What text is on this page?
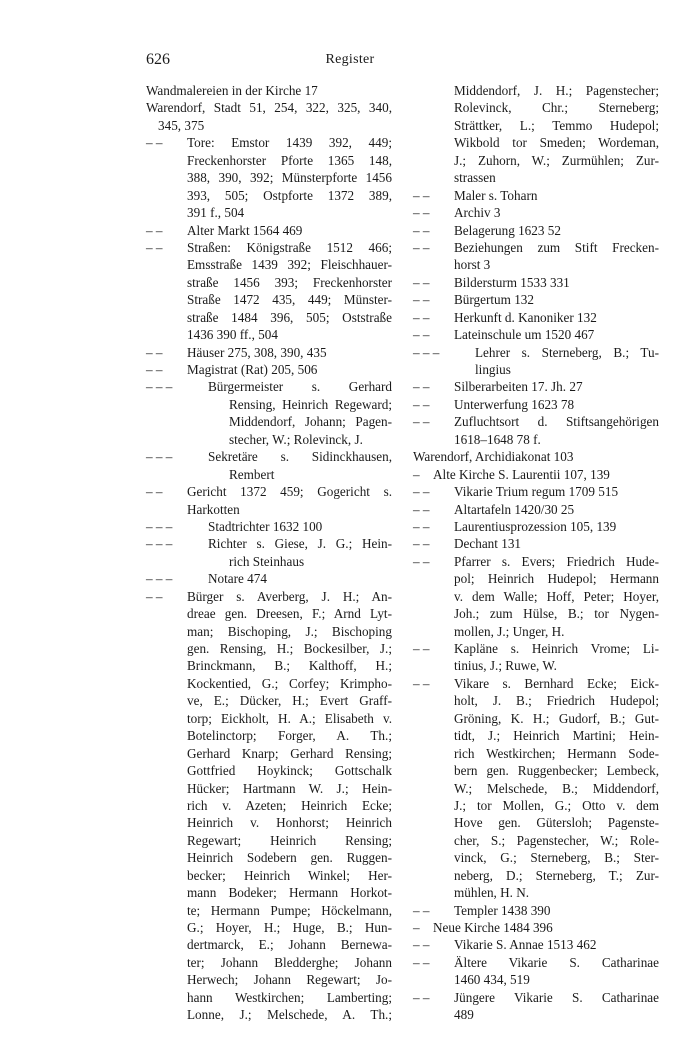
626	Register
Wandmalereien in der Kirche 17
Warendorf, Stadt 51, 254, 322, 325, 340,
345, 375
– – Tore: Emstor 1439 392, 449;
Freckenhorster Pforte 1365 148,
388, 390, 392; Münsterpforte 1456
393, 505; Ostpforte 1372 389,
391 f., 504
– – Alter Markt 1564 469
– – Straßen: Königstraße 1512 466;
Emsstraße 1439 392; Fleischhauer-
straße 1456 393; Freckenhorster
Straße 1472 435, 449; Münster-
straße 1484 396, 505; Oststraße
1436 390 ff., 504
– – Häuser 275, 308, 390, 435
– – Magistrat (Rat) 205, 506
– – –	Bürgermeister s. Gerhard
Rensing, Heinrich Regeward;
Middendorf, Johann; Pagen-
stecher, W.; Rolevinck, J.
– – –	Sekretäre s. Sidinckhausen,
Rembert
– – Gericht 1372 459; Gogericht s.
Harkotten
– – –	Stadtrichter 1632 100
– – –	Richter s. Giese, J. G.; Hein-
rich Steinhaus
– – –	Notare 474
– – Bürger s. Averberg, J. H.; An-
dreae gen. Dreesen, F.; Arnd Lyt-
man; Bischoping, J.; Bischoping
gen. Rensing, H.; Bockesilber, J.;
Brinckmann, B.; Kalthoff, H.;
Kockentied, G.; Corfey; Krimpho-
ve, E.; Dücker, H.; Evert Graff-
torp; Eickholt, H. A.; Elisabeth v.
Botelinctorp; Forger, A. Th.;
Gerhard Knarp; Gerhard Rensing;
Gottfried Hoykinck; Gottschalk
Hücker; Hartmann W. J.; Hein-
rich v. Azeten; Heinrich Ecke;
Heinrich v. Honhorst; Heinrich
Regewart; Heinrich Rensing;
Heinrich Sodebern gen. Ruggen-
becker; Heinrich Winkel; Her-
mann Bodeker; Hermann Horkot-
te; Hermann Pumpe; Höckelmann,
G.; Hoyer, H.; Huge, B.; Hun-
dertmarck, E.; Johann Bernewa-
ter; Johann Bledderghe; Johann
Herwech; Johann Regewart; Jo-
hann Westkirchen; Lamberting;
Lonne, J.; Melschede, A. Th.;
Middendorf, J. H.; Pagenstecher;
Rolevinck, Chr.; Sterneberg;
Strättker, L.; Temmo Hudepol;
Wikbold tor Smeden; Wordeman,
J.; Zuhorn, W.; Zurmühlen; Zur-
strassen
– – Maler s. Toharn
– – Archiv 3
– – Belagerung 1623 52
– – Beziehungen zum Stift Frecken-
horst 3
– – Bildersturm 1533 331
– – Bürgertum 132
– – Herkunft d. Kanoniker 132
– – Lateinschule um 1520 467
– – –	Lehrer s. Sterneberg, B.; Tu-
lingius
– – Silberarbeiten 17. Jh. 27
– – Unterwerfung 1623 78
– – Zufluchtsort d. Stiftsangehörigen
1618–1648 78 f.
Warendorf, Archidiakonat 103
– Alte Kirche S. Laurentii 107, 139
– – Vikarie Trium regum 1709 515
– – Altartafeln 1420/30 25
– – Laurentiusprozession 105, 139
– – Dechant 131
– – Pfarrer s. Evers; Friedrich Hude-
pol; Heinrich Hudepol; Hermann
v. dem Walle; Hoff, Peter; Hoyer,
Joh.; zum Hülse, B.; tor Nygen-
mollen, J.; Unger, H.
– – Kapläne s. Heinrich Vrome; Li-
tinius, J.; Ruwe, W.
– – Vikare s. Bernhard Ecke; Eick-
holt, J. B.; Friedrich Hudepol;
Gröning, K. H.; Gudorf, B.; Gut-
tidt, J.; Heinrich Martini; Hein-
rich Westkirchen; Hermann Sode-
bern gen. Ruggenbecker; Lembeck,
W.; Melschede, B.; Middendorf,
J.; tor Mollen, G.; Otto v. dem
Hove gen. Gütersloh; Pagenste-
cher, S.; Pagenstecher, W.; Role-
vinck, G.; Sterneberg, B.; Ster-
neberg, D.; Sterneberg, T.; Zur-
mühlen, H. N.
– – Templer 1438 390
– Neue Kirche 1484 396
– – Vikarie S. Annae 1513 462
– – Ältere Vikarie S. Catharinae
1460 434, 519
– – Jüngere Vikarie S. Catharinae
489
